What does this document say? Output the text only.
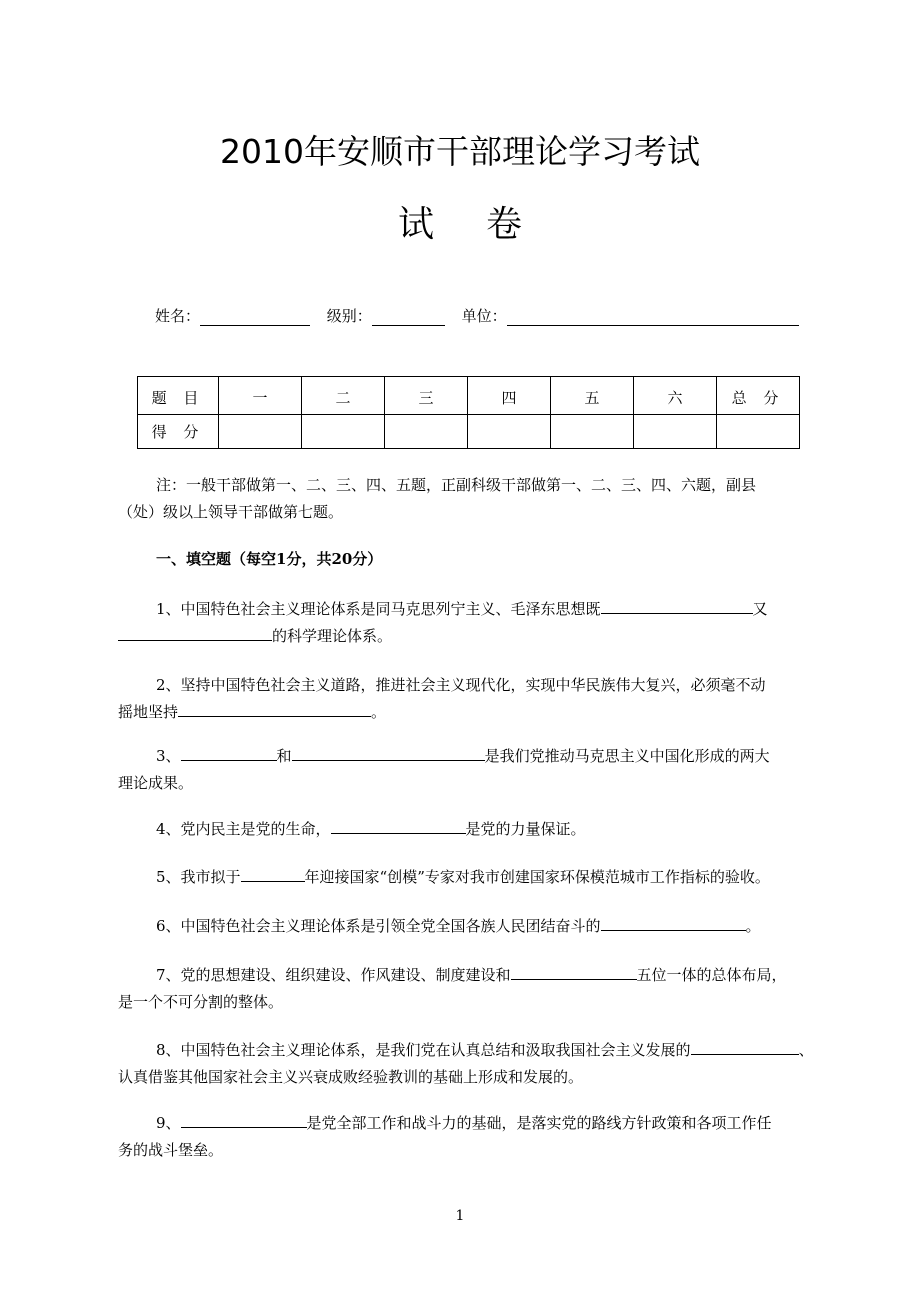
2010年安顺市干部理论学习考试
试卷
姓名：	级别：	单位：
题 目	一	二	三	四	五	六	总 分
得 分							
注：一般干部做第一、二、三、四、五题，正副科级干部做第一、二、三、四、六题，副县
（处）级以上领导干部做第七题。
一、填空题（每空1分，共20分）
1、中国特色社会主义理论体系是同马克思列宁主义、毛泽东思想既	又
的科学理论体系。
2、坚持中国特色社会主义道路，推进社会主义现代化，实现中华民族伟大复兴，必须毫不动
摇地坚持	。
3、	和	是我们党推动马克思主义中国化形成的两大
理论成果。
4、党内民主是党的生命，	是党的力量保证。
5、我市拟于	年迎接国家“创模”专家对我市创建国家环保模范城市工作指标的验收。
6、中国特色社会主义理论体系是引领全党全国各族人民团结奋斗的	。
7、党的思想建设、组织建设、作风建设、制度建设和	五位一体的总体布局，
是一个不可分割的整体。
8、中国特色社会主义理论体系，是我们党在认真总结和汲取我国社会主义发展的	、
认真借鉴其他国家社会主义兴衰成败经验教训的基础上形成和发展的。
9、	是党全部工作和战斗力的基础，是落实党的路线方针政策和各项工作任
务的战斗堡垒。
1
